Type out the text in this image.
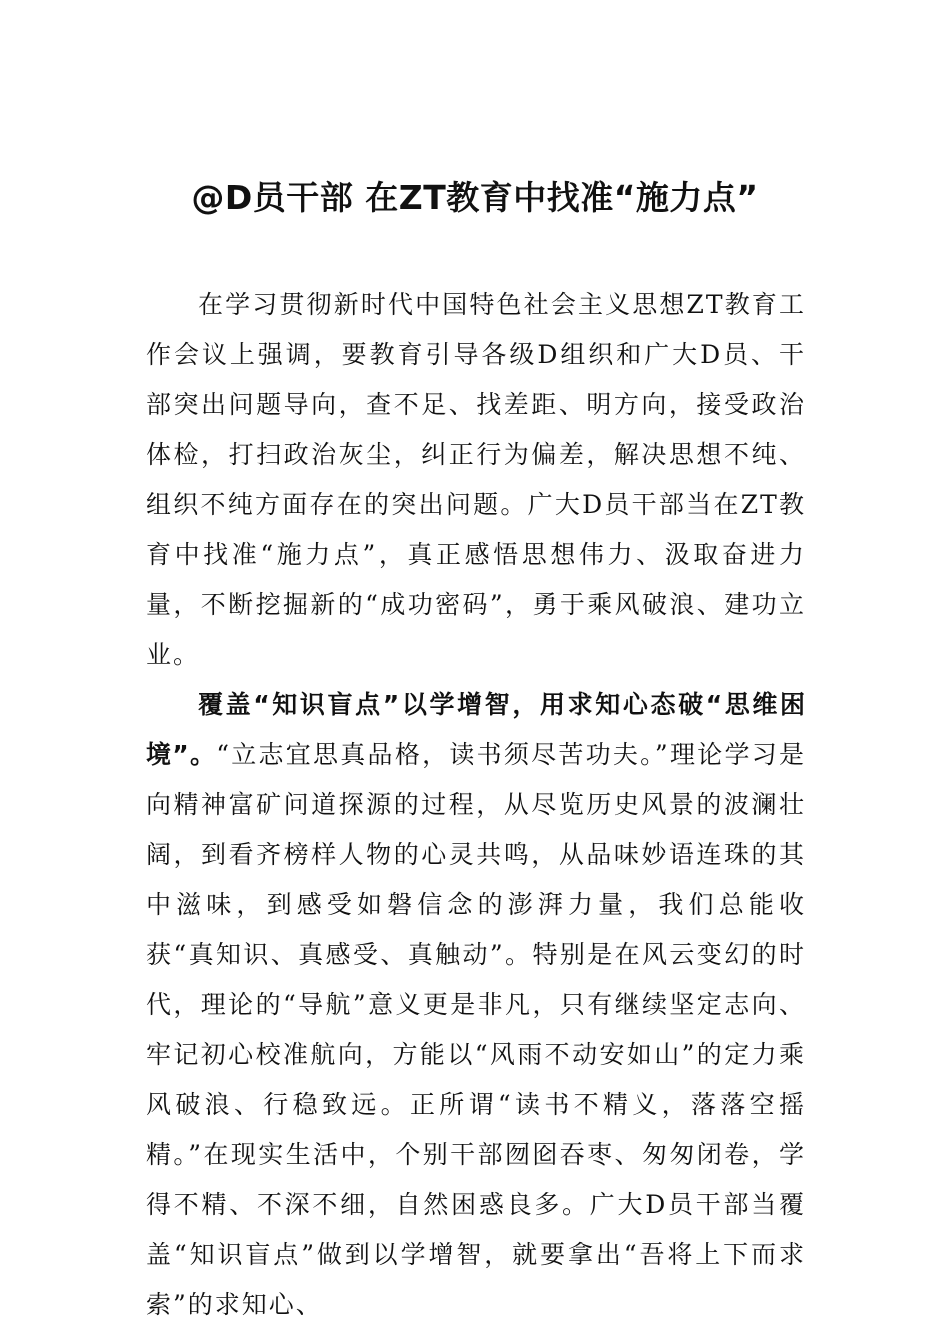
@D员干部 在ZT教育中找准“施力点”

在学习贯彻新时代中国特色社会主义思想ZT教育工作会议上强调，要教育引导各级D组织和广大D员、干部突出问题导向，查不足、找差距、明方向，接受政治体检，打扫政治灰尘，纠正行为偏差，解决思想不纯、组织不纯方面存在的突出问题。广大D员干部当在ZT教育中找准“施力点”，真正感悟思想伟力、汲取奋进力量，不断挖掘新的“成功密码”，勇于乘风破浪、建功立业。

覆盖“知识盲点”以学增智，用求知心态破“思维困境”。“立志宜思真品格，读书须尽苦功夫。”理论学习是向精神富矿问道探源的过程，从尽览历史风景的波澜壮阔，到看齐榜样人物的心灵共鸣，从品味妙语连珠的其中滋味，到感受如磐信念的澎湃力量，我们总能收获“真知识、真感受、真触动”。特别是在风云变幻的时代，理论的“导航”意义更是非凡，只有继续坚定志向、牢记初心校准航向，方能以“风雨不动安如山”的定力乘风破浪、行稳致远。正所谓“读书不精义，落落空摇精。”在现实生活中，个别干部囫囵吞枣、匆匆闭卷，学得不精、不深不细，自然困惑良多。广大D员干部当覆盖“知识盲点”做到以学增智，就要拿出“吾将上下而求索”的求知心、
